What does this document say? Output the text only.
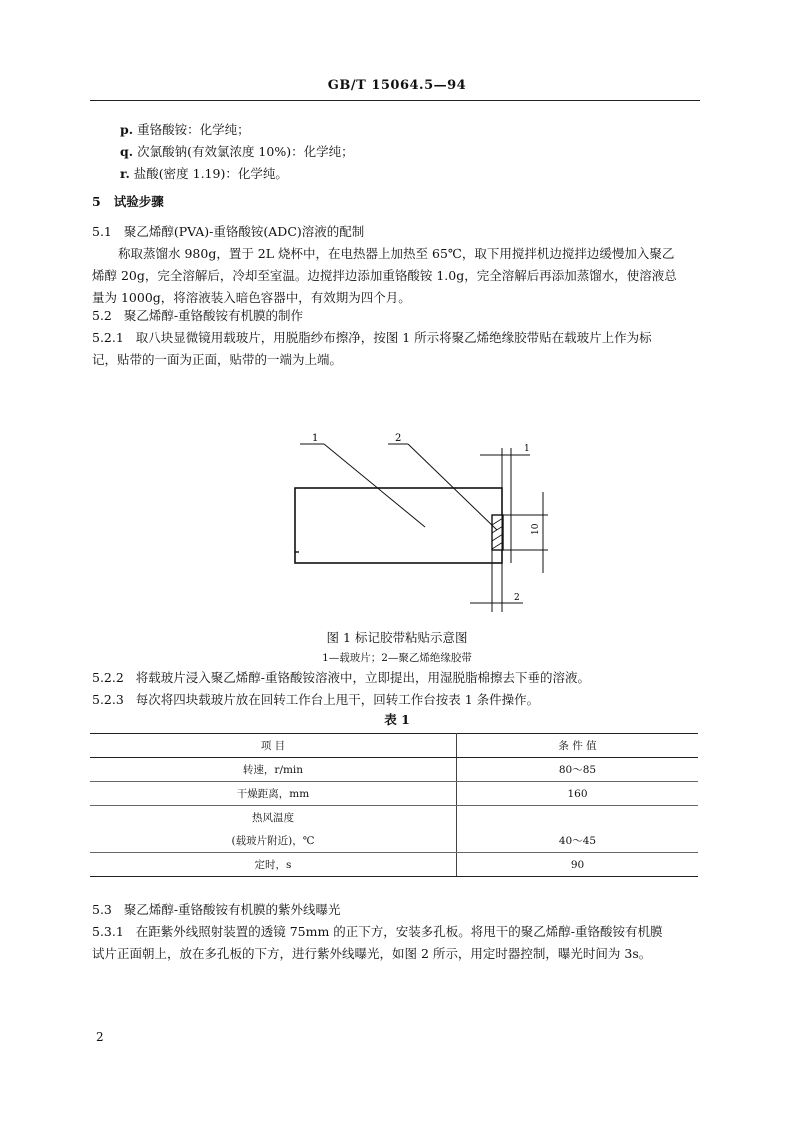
GB/T 15064.5—94
p. 重铬酸铵：化学纯；
q. 次氯酸钠(有效氯浓度 10%)：化学纯；
r. 盐酸(密度 1.19)：化学纯。
5 试验步骤
5.1 聚乙烯醇(PVA)-重铬酸铵(ADC)溶液的配制
称取蒸馏水 980g，置于 2L 烧杯中，在电热器上加热至 65℃，取下用搅拌机边搅拌边缓慢加入聚乙
烯醇 20g，完全溶解后，冷却至室温。边搅拌边添加重铬酸铵 1.0g，完全溶解后再添加蒸馏水，使溶液总
量为 1000g，将溶液装入暗色容器中，有效期为四个月。
5.2 聚乙烯醇-重铬酸铵有机膜的制作
5.2.1 取八块显微镜用载玻片，用脱脂纱布擦净，按图 1 所示将聚乙烯绝缘胶带贴在载玻片上作为标
记，贴带的一面为正面，贴带的一端为上端。
1	2
1
10
2
图 1 标记胶带粘贴示意图
1—载玻片；2—聚乙烯绝缘胶带
5.2.2 将载玻片浸入聚乙烯醇-重铬酸铵溶液中，立即提出，用湿脱脂棉擦去下垂的溶液。
5.2.3 每次将四块载玻片放在回转工作台上甩干，回转工作台按表 1 条件操作。
表 1
项 目	条 件 值
转速，r/min	80～85
干燥距离，mm	160
热风温度	
(载玻片附近)，℃	40～45
定时，s	90
5.3 聚乙烯醇-重铬酸铵有机膜的紫外线曝光
5.3.1 在距紫外线照射装置的透镜 75mm 的正下方，安装多孔板。将甩干的聚乙烯醇-重铬酸铵有机膜
试片正面朝上，放在多孔板的下方，进行紫外线曝光，如图 2 所示，用定时器控制，曝光时间为 3s。
2
